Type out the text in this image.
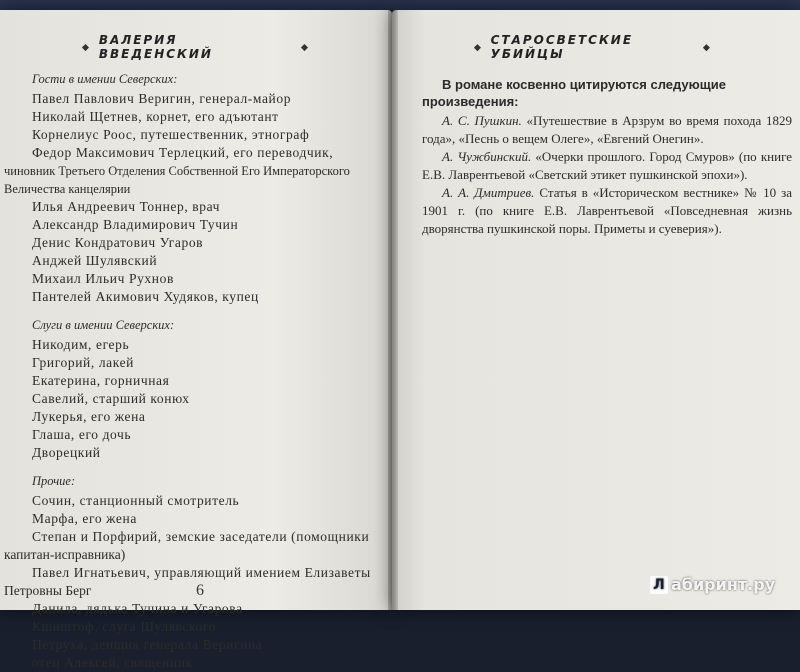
ВАЛЕРИЯ ВВЕДЕНСКИЙ
Гости в имении Северских:

Павел Павлович Веригин, генерал-майор

Николай Щетнев, корнет, его адъютант

Корнелиус Роос, путешественник, этнограф

Федор Максимович Терлецкий, его переводчик,

чиновник Третьего Отделения Собственной Его Императорского

Величества канцелярии

Илья Андреевич Тоннер, врач

Александр Владимирович Тучин

Денис Кондратович Угаров

Анджей Шулявский

Михаил Ильич Рухнов

Пантелей Акимович Худяков, купец

Слуги в имении Северских:

Никодим, егерь

Григорий, лакей

Екатерина, горничная

Савелий, старший конюх

Лукерья, его жена

Глаша, его дочь

Дворецкий

Прочие:

Сочин, станционный смотритель

Марфа, его жена

Степан и Порфирий, земские заседатели (помощники

капитан-исправника)

Павел Игнатьевич, управляющий имением Елизаветы

Петровны Берг

Данила, дядька Тучина и Угарова

Кшиштоф, слуга Шулявского

Петруха, денщик генерала Веригина

отец Алексей, священник

6
СТАРОСВЕТСКИЕ УБИЙЦЫ

В романе косвенно цитируются следующие произведения:

А. С. Пушкин. «Путешествие в Арзрум во время похода 1829 года», «Песнь о вещем Олеге», «Евгений Онегин».

А. Чужбинский. «Очерки прошлого. Город Смуров» (по книге Е.В. Лаврентьевой «Светский этикет пушкинской эпохи»).

А. А. Дмитриев. Статья в «Историческом вестнике» № 10 за 1901 г. (по книге Е.В. Лаврентьевой «Повседневная жизнь дворянства пушкинской поры. Приметы и суеверия»).

Л абиринт.ру
